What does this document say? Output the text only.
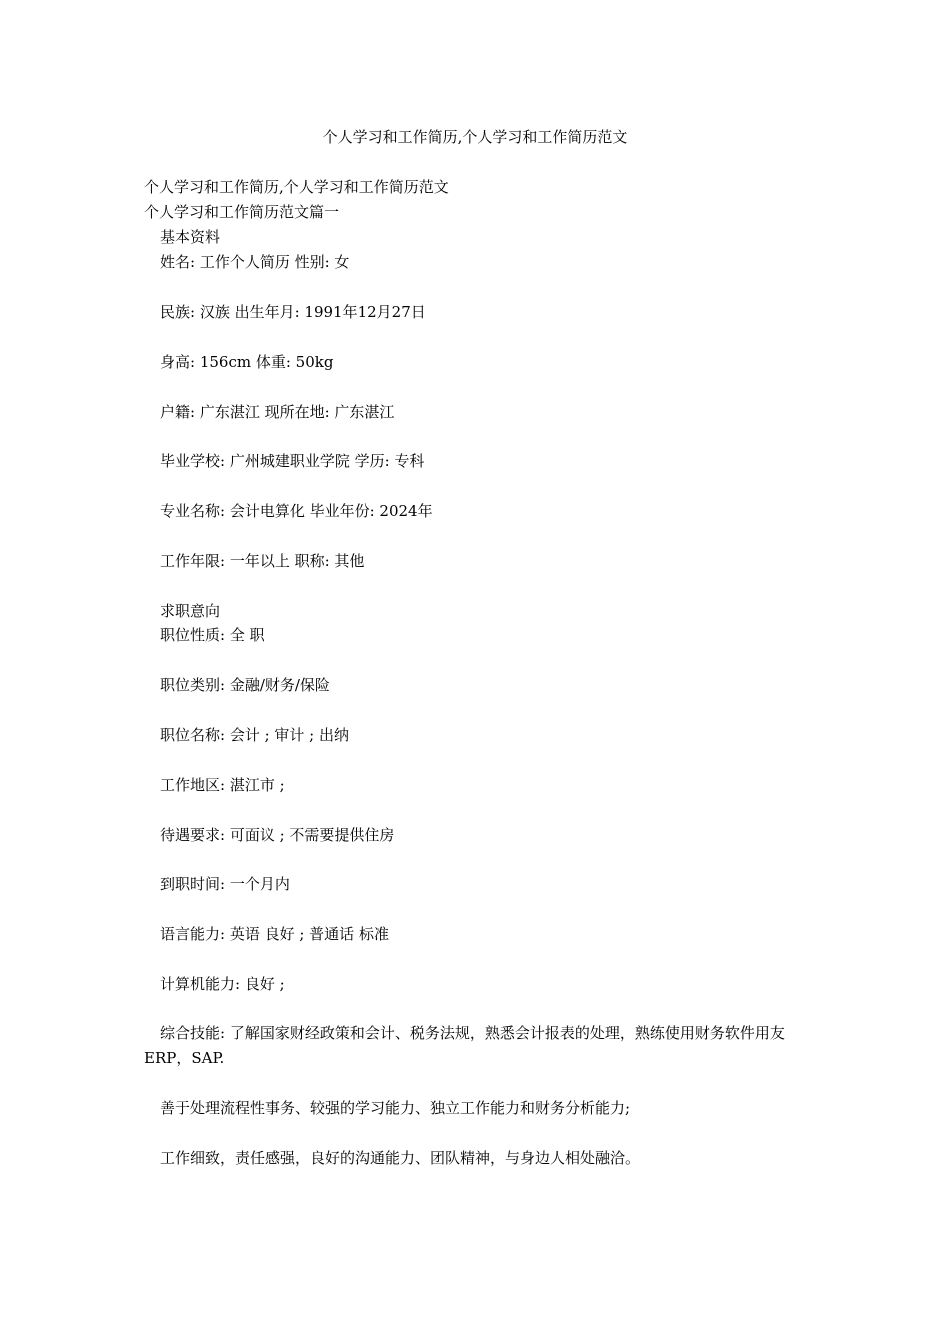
个人学习和工作简历,个人学习和工作简历范文
个人学习和工作简历,个人学习和工作简历范文
个人学习和工作简历范文篇一
基本资料
姓名: 工作个人简历 性别: 女
民族: 汉族 出生年月: 1991年12月27日
身高: 156cm 体重: 50kg
户籍: 广东湛江 现所在地: 广东湛江
毕业学校: 广州城建职业学院 学历: 专科
专业名称: 会计电算化 毕业年份: 2024年
工作年限: 一年以上 职称: 其他
求职意向
职位性质: 全 职
职位类别: 金融/财务/保险
职位名称: 会计 ; 审计 ; 出纳
工作地区: 湛江市 ;
待遇要求: 可面议 ; 不需要提供住房
到职时间: 一个月内
语言能力: 英语 良好 ; 普通话 标准
计算机能力: 良好 ;
综合技能: 了解国家财经政策和会计、税务法规，熟悉会计报表的处理，熟练使用财务软件用友ERP，SAP.
善于处理流程性事务、较强的学习能力、独立工作能力和财务分析能力;
工作细致，责任感强，良好的沟通能力、团队精神，与身边人相处融洽。
